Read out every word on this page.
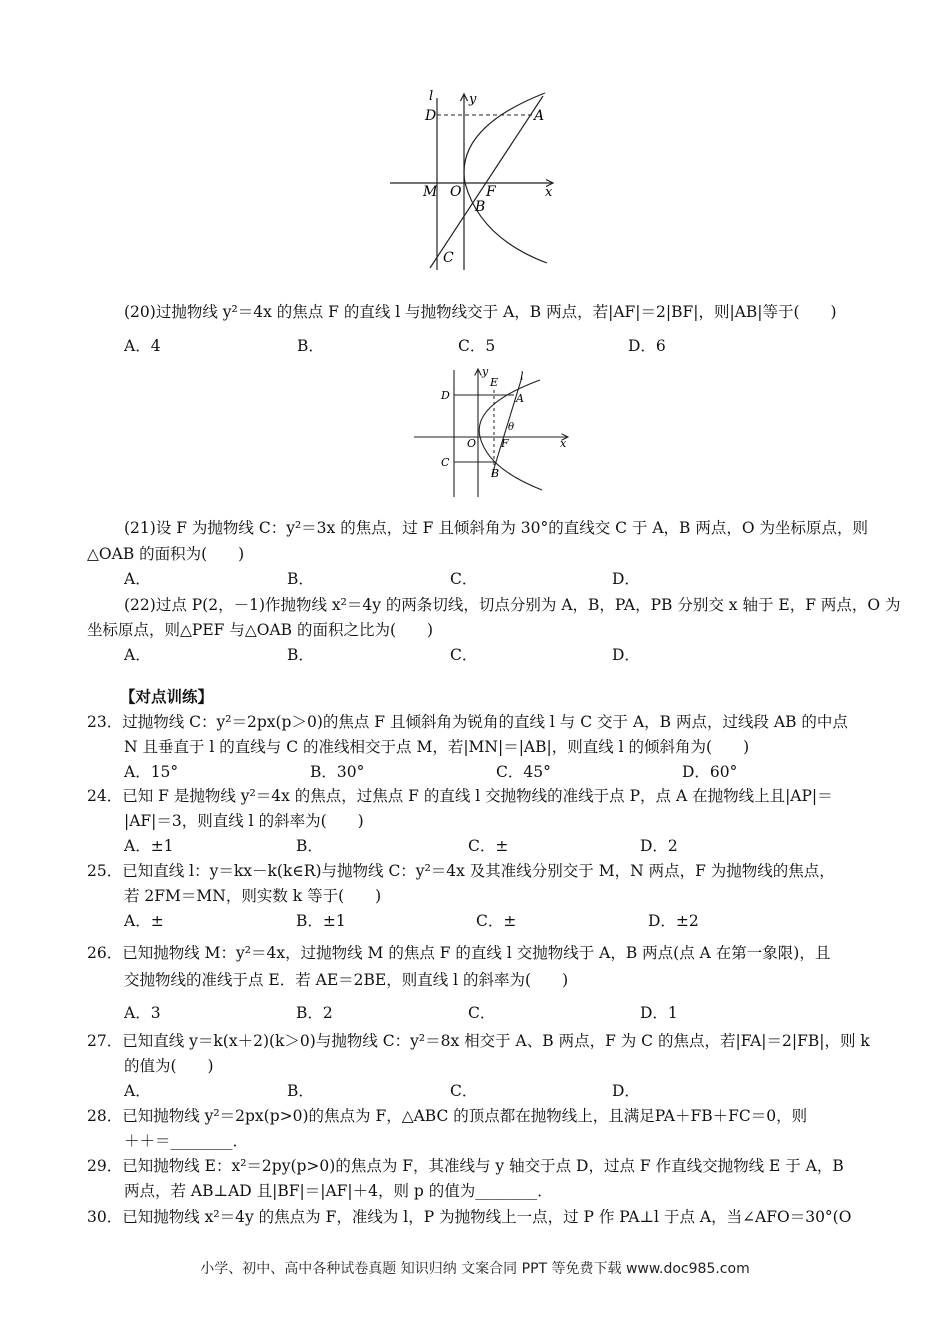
l	y
D	A
M O F
B
C
x
(20)过抛物线 y²＝4x 的焦点 F 的直线 l 与抛物线交于 A，B 两点，若|AF|＝2|BF|，则|AB|等于(　　)
A．4	B．	C．5	D．6
y
E l
D	A
θ
O F	x
C
B
(21)设 F 为抛物线 C：y²＝3x 的焦点，过 F 且倾斜角为 30°的直线交 C 于 A，B 两点，O 为坐标原点，则
△OAB 的面积为(　　)
A．	B．	C．	D．
(22)过点 P(2，－1)作抛物线 x²＝4y 的两条切线，切点分别为 A，B，PA，PB 分别交 x 轴于 E，F 两点，O 为
坐标原点，则△PEF 与△OAB 的面积之比为(　　)
A．	B．	C．	D．
【对点训练】
23．过抛物线 C：y²＝2px(p＞0)的焦点 F 且倾斜角为锐角的直线 l 与 C 交于 A，B 两点，过线段 AB 的中点
N 且垂直于 l 的直线与 C 的准线相交于点 M，若|MN|＝|AB|，则直线 l 的倾斜角为(　　)
A．15°	B．30°	C．45°	D．60°
24．已知 F 是抛物线 y²＝4x 的焦点，过焦点 F 的直线 l 交抛物线的准线于点 P，点 A 在抛物线上且|AP|＝
|AF|＝3，则直线 l 的斜率为(　　)
A．±1	B．	C．±	D．2
25．已知直线 l：y＝kx－k(k∈R)与抛物线 C：y²＝4x 及其准线分别交于 M，N 两点，F 为抛物线的焦点，
若 2FM＝MN，则实数 k 等于(　　)
A．±	B．±1	C．±	D．±2
26．已知抛物线 M：y²＝4x，过抛物线 M 的焦点 F 的直线 l 交抛物线于 A，B 两点(点 A 在第一象限)，且
交抛物线的准线于点 E．若 AE＝2BE，则直线 l 的斜率为(　　)
A．3	B．2	C．	D．1
27．已知直线 y＝k(x＋2)(k＞0)与抛物线 C：y²＝8x 相交于 A、B 两点，F 为 C 的焦点，若|FA|＝2|FB|，则 k
的值为(　　)
A．	B．	C．	D．
28．已知抛物线 y²＝2px(p>0)的焦点为 F，△ABC 的顶点都在抛物线上，且满足PA＋FB＋FC＝0，则
＋＋＝________．
29．已知抛物线 E：x²＝2py(p>0)的焦点为 F，其准线与 y 轴交于点 D，过点 F 作直线交抛物线 E 于 A，B
两点，若 AB⊥AD 且|BF|＝|AF|＋4，则 p 的值为________．
30．已知抛物线 x²＝4y 的焦点为 F，准线为 l，P 为抛物线上一点，过 P 作 PA⊥l 于点 A，当∠AFO＝30°(O
小学、初中、高中各种试卷真题 知识归纳 文案合同 PPT 等免费下载 www.doc985.com
